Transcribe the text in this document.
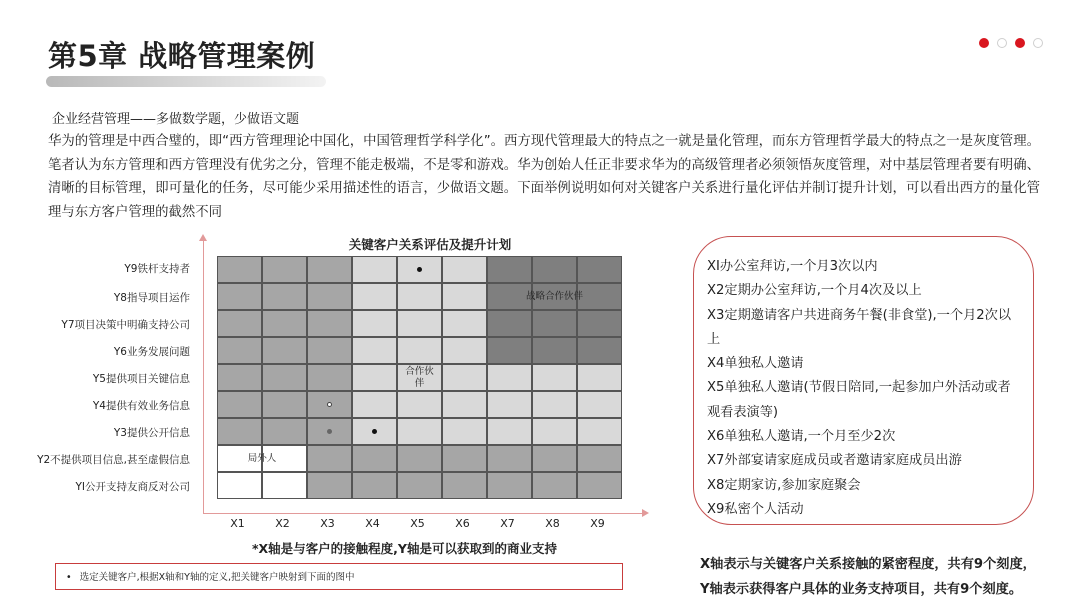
第5章 战略管理案例
企业经营管理——多做数学题，少做语文题
华为的管理是中西合璧的，即“西方管理理论中国化，中国管理哲学科学化”。西方现代管理最大的特点之一就是量化管理，而东方管理哲学最大的特点之一是灰度管理。笔者认为东方管理和西方管理没有优劣之分，管理不能走极端，不是零和游戏。华为创始人任正非要求华为的高级管理者必须领悟灰度管理，对中基层管理者要有明确、清晰的目标管理，即可量化的任务，尽可能少采用描述性的语言，少做语文题。下面举例说明如何对关键客户关系进行量化评估并制订提升计划，可以看出西方的量化管理与东方客户管理的截然不同
关键客户关系评估及提升计划
Y9铁杆支持者
Y8指导项目运作
Y7项目决策中明确支持公司
Y6业务发展问题
Y5提供项目关键信息
Y4提供有效业务信息
Y3提供公开信息
Y2不提供项目信息,甚至虚假信息
YI公开支持友商反对公司
X1	X2	X3	X4	X5	X6	X7	X8	X9
战略合作伙伴
合作伙
伴
局外人
*X轴是与客户的接触程度,Y轴是可以获取到的商业支持
• 选定关键客户,根据X轴和Y轴的定义,把关键客户映射到下面的图中
XI办公室拜访,一个月3次以内
X2定期办公室拜访,一个月4次及以上
X3定期邀请客户共进商务午餐(非食堂),一个月2次以上
X4单独私人邀请
X5单独私人邀请(节假日陪同,一起参加户外活动或者观看表演等)
X6单独私人邀请,一个月至少2次
X7外部宴请家庭成员或者邀请家庭成员出游
X8定期家访,参加家庭聚会
X9私密个人活动
X轴表示与关键客户关系接触的紧密程度，共有9个刻度，
Y轴表示获得客户具体的业务支持项目，共有9个刻度。
